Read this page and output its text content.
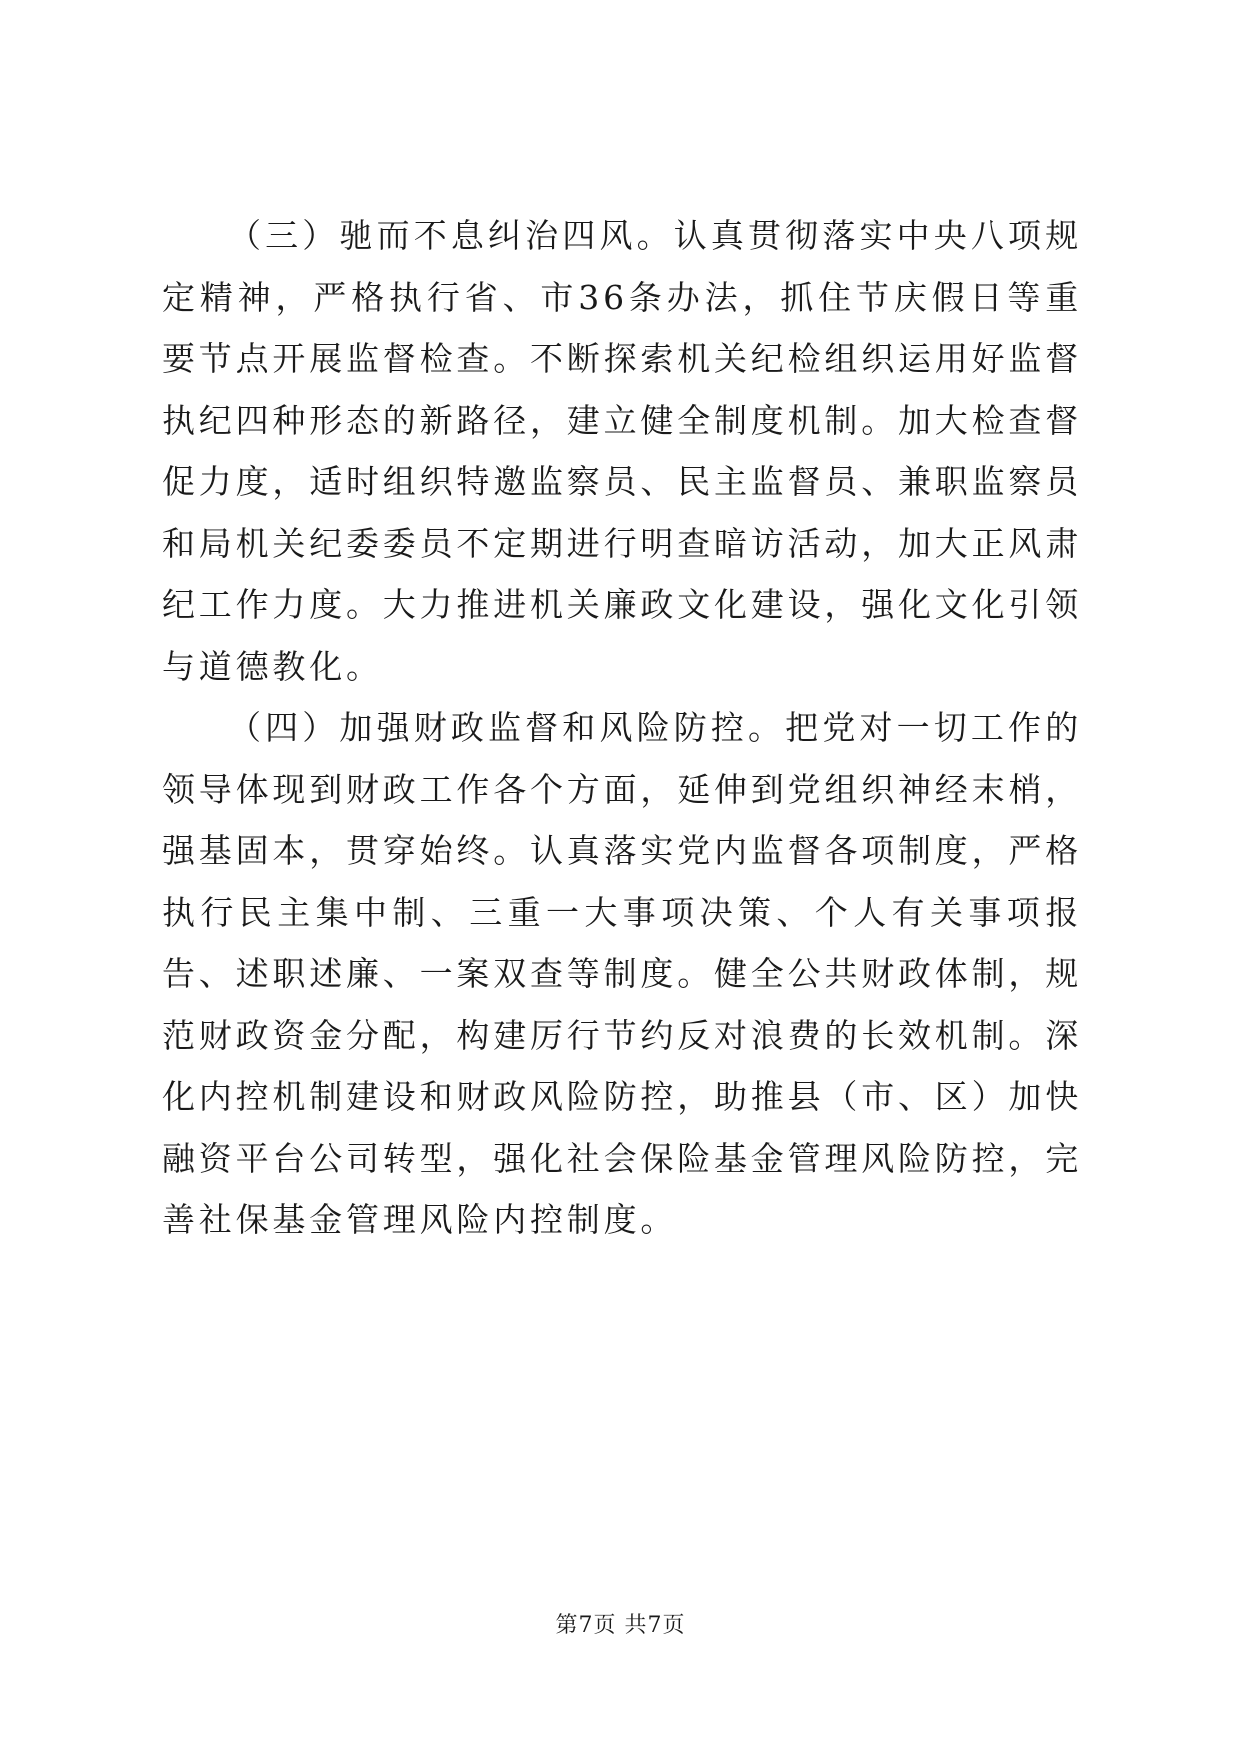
（三）驰而不息纠治四风。认真贯彻落实中央八项规定精神，严格执行省、市36条办法，抓住节庆假日等重要节点开展监督检查。不断探索机关纪检组织运用好监督执纪四种形态的新路径，建立健全制度机制。加大检查督促力度，适时组织特邀监察员、民主监督员、兼职监察员和局机关纪委委员不定期进行明查暗访活动，加大正风肃纪工作力度。大力推进机关廉政文化建设，强化文化引领与道德教化。

（四）加强财政监督和风险防控。把党对一切工作的领导体现到财政工作各个方面，延伸到党组织神经末梢，强基固本，贯穿始终。认真落实党内监督各项制度，严格执行民主集中制、三重一大事项决策、个人有关事项报告、述职述廉、一案双查等制度。健全公共财政体制，规范财政资金分配，构建厉行节约反对浪费的长效机制。深化内控机制建设和财政风险防控，助推县（市、区）加快融资平台公司转型，强化社会保险基金管理风险防控，完善社保基金管理风险内控制度。

第7页 共7页
